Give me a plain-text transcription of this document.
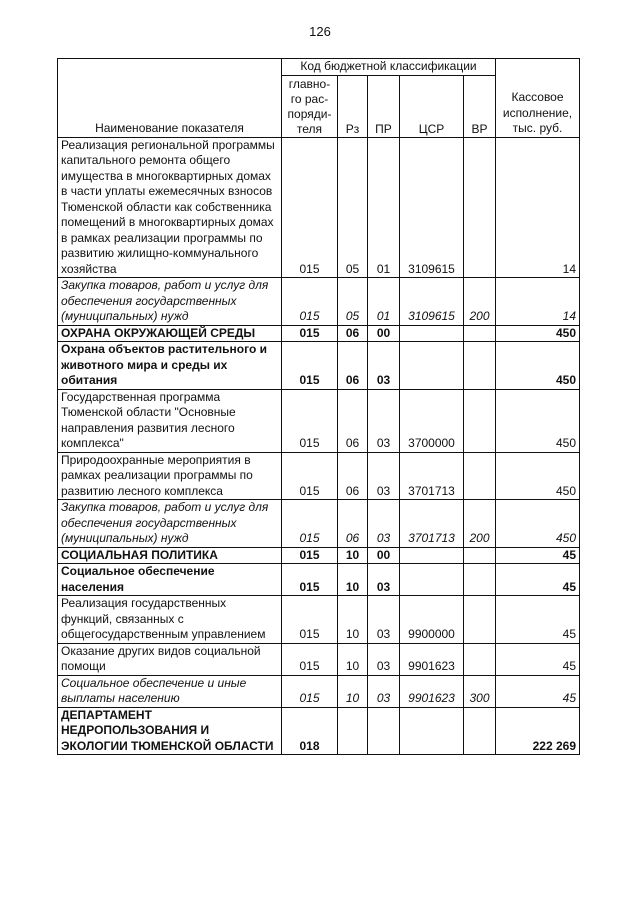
126
Наименование показателя	Код бюджетной классификации					Кассовое исполнение, тыс. руб.
	главно-го рас-поряди-теля	Рз	ПР	ЦСР	ВР	
Реализация региональной программы капитального ремонта общего имущества в многоквартирных домах в части уплаты ежемесячных взносов Тюменской области как собственника помещений в многоквартирных домах в рамках реализации программы по развитию жилищно-коммунального хозяйства	015	05	01	3109615		14
Закупка товаров, работ и услуг для обеспечения государственных (муниципальных) нужд	015	05	01	3109615	200	14
ОХРАНА ОКРУЖАЮЩЕЙ СРЕДЫ	015	06	00			450
Охрана объектов растительного и животного мира и среды их обитания	015	06	03			450
Государственная программа Тюменской области "Основные направления развития лесного комплекса"	015	06	03	3700000		450
Природоохранные мероприятия в рамках реализации программы по развитию лесного комплекса	015	06	03	3701713		450
Закупка товаров, работ и услуг для обеспечения государственных (муниципальных) нужд	015	06	03	3701713	200	450
СОЦИАЛЬНАЯ ПОЛИТИКА	015	10	00			45
Социальное обеспечение населения	015	10	03			45
Реализация государственных функций, связанных с общегосударственным управлением	015	10	03	9900000		45
Оказание других видов социальной помощи	015	10	03	9901623		45
Социальное обеспечение и иные выплаты населению	015	10	03	9901623	300	45
ДЕПАРТАМЕНТ НЕДРОПОЛЬЗОВАНИЯ И ЭКОЛОГИИ ТЮМЕНСКОЙ ОБЛАСТИ	018					222 269
